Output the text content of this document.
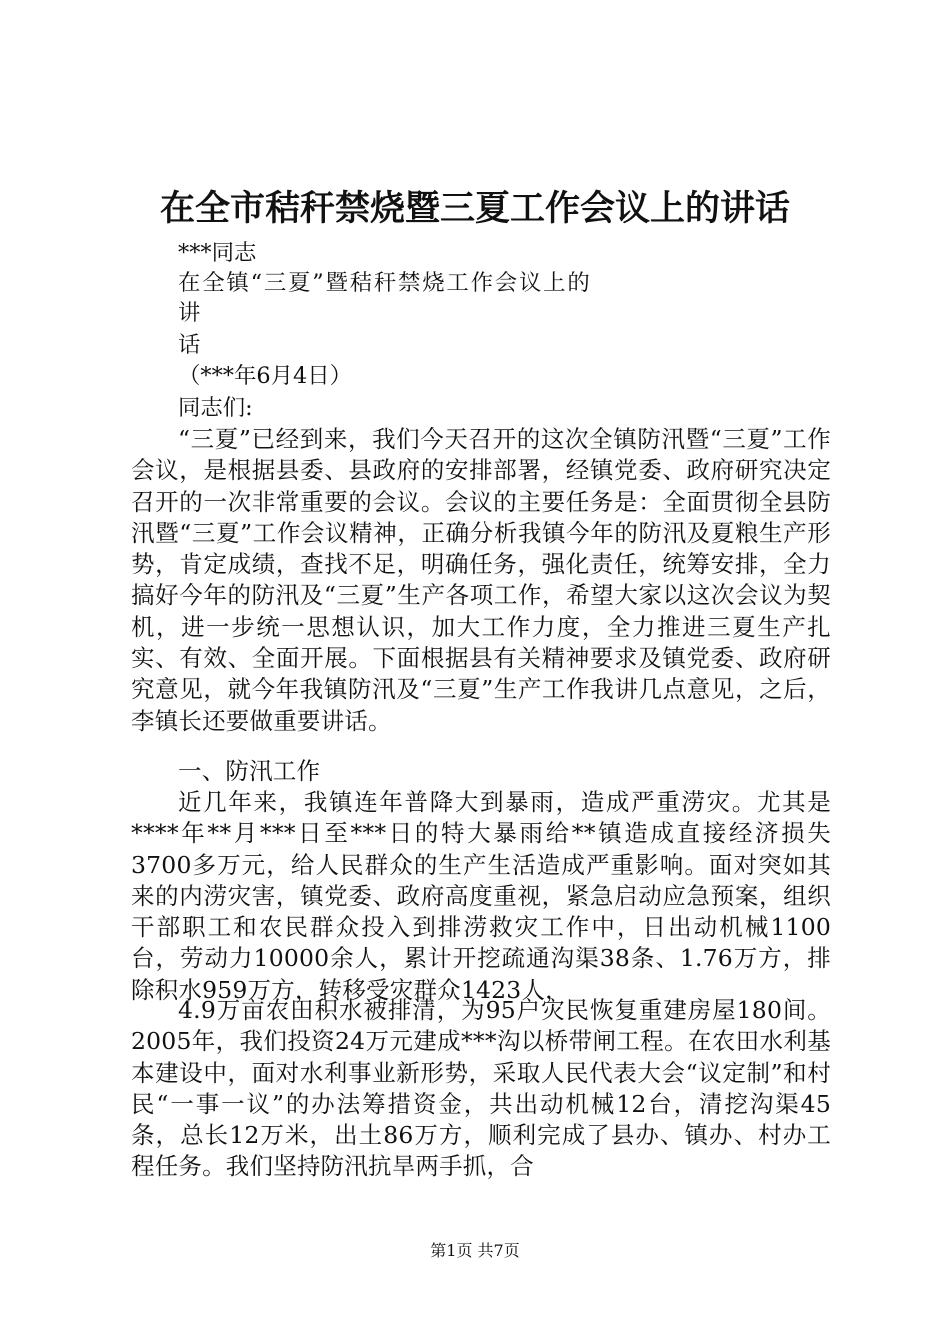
在全市秸秆禁烧暨三夏工作会议上的讲话
***同志
在全镇“三夏”暨秸秆禁烧工作会议上的
讲
话
（***年6月4日）
同志们:

“三夏”已经到来，我们今天召开的这次全镇防汛暨“三夏”工作会议，是根据县委、县政府的安排部署，经镇党委、政府研究决定召开的一次非常重要的会议。会议的主要任务是：全面贯彻全县防汛暨“三夏”工作会议精神，正确分析我镇今年的防汛及夏粮生产形势，肯定成绩，查找不足，明确任务，强化责任，统筹安排，全力搞好今年的防汛及“三夏”生产各项工作，希望大家以这次会议为契机，进一步统一思想认识，加大工作力度，全力推进三夏生产扎实、有效、全面开展。下面根据县有关精神要求及镇党委、政府研究意见，就今年我镇防汛及“三夏”生产工作我讲几点意见，之后，李镇长还要做重要讲话。

一、防汛工作

近几年来，我镇连年普降大到暴雨，造成严重涝灾。尤其是****年**月***日至***日的特大暴雨给**镇造成直接经济损失3700多万元，给人民群众的生产生活造成严重影响。面对突如其来的内涝灾害，镇党委、政府高度重视，紧急启动应急预案，组织干部职工和农民群众投入到排涝救灾工作中，日出动机械1100台，劳动力10000余人，累计开挖疏通沟渠38条、1.76万方，排除积水959万方，转移受灾群众1423人，

4.9万亩农田积水被排清，为95户灾民恢复重建房屋180间。2005年，我们投资24万元建成***沟以桥带闸工程。在农田水利基本建设中，面对水利事业新形势，采取人民代表大会“议定制”和村民“一事一议”的办法筹措资金，共出动机械12台，清挖沟渠45条，总长12万米，出土86万方，顺利完成了县办、镇办、村办工程任务。我们坚持防汛抗旱两手抓，合

第1页 共7页
